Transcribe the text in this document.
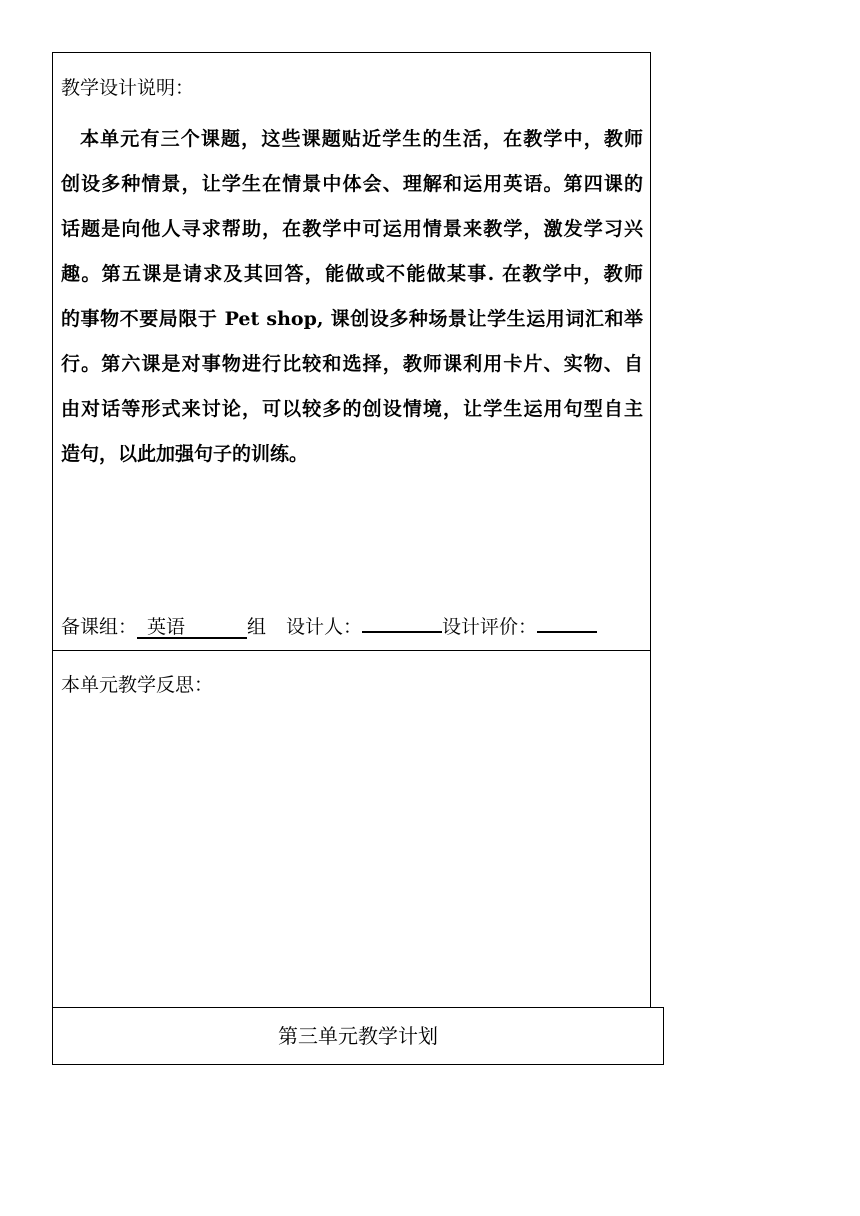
教学设计说明：
本单元有三个课题，这些课题贴近学生的生活，在教学中，教师
创设多种情景，让学生在情景中体会、理解和运用英语。第四课的
话题是向他人寻求帮助，在教学中可运用情景来教学，激发学习兴
趣。第五课是请求及其回答，能做或不能做某事. 在教学中，教师
的事物不要局限于 Pet shop, 课创设多种场景让学生运用词汇和举
行。第六课是对事物进行比较和选择，教师课利用卡片、实物、自
由对话等形式来讨论，可以较多的创设情境，让学生运用句型自主
造句，以此加强句子的训练。
备课组： 英语	组 设计人：	设计评价：
本单元教学反思：
第三单元教学计划
